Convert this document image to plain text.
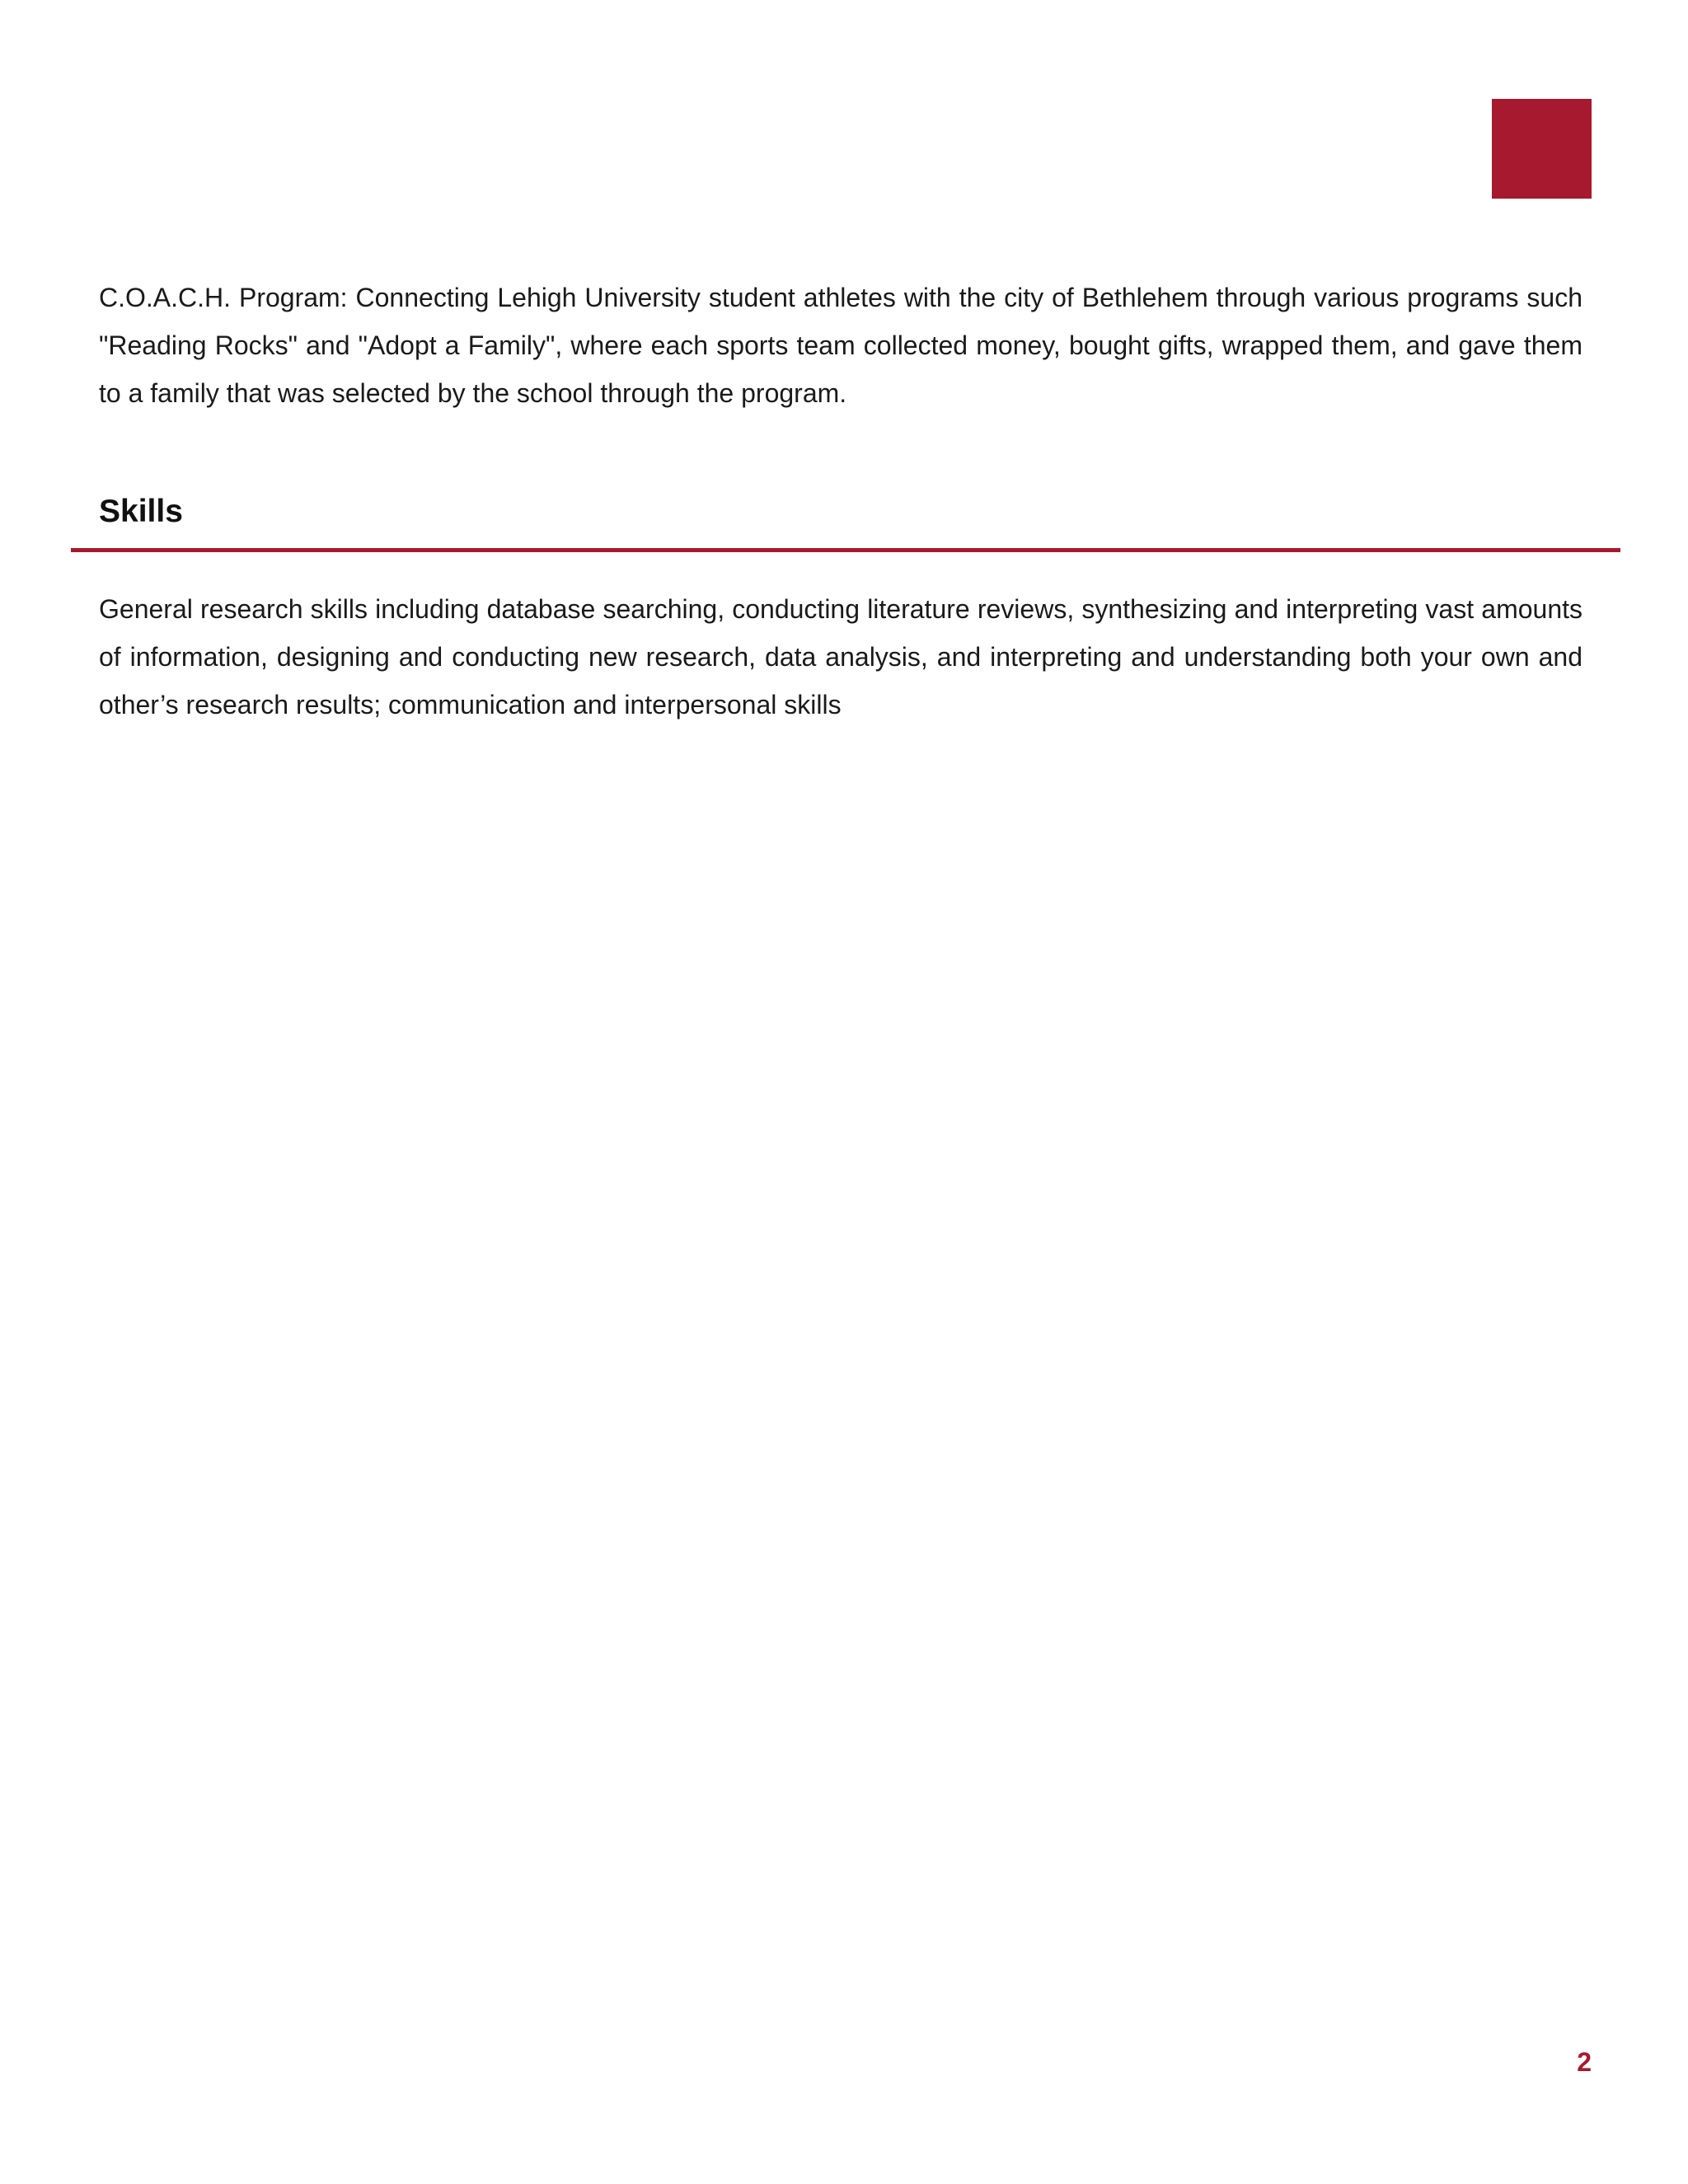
C.O.A.C.H. Program: Connecting Lehigh University student athletes with the city of Bethlehem through various programs such "Reading Rocks" and "Adopt a Family", where each sports team collected money, bought gifts, wrapped them, and gave them to a family that was selected by the school through the program.

Skills

General research skills including database searching, conducting literature reviews, synthesizing and interpreting vast amounts of information, designing and conducting new research, data analysis, and interpreting and understanding both your own and other’s research results; communication and interpersonal skills

2
